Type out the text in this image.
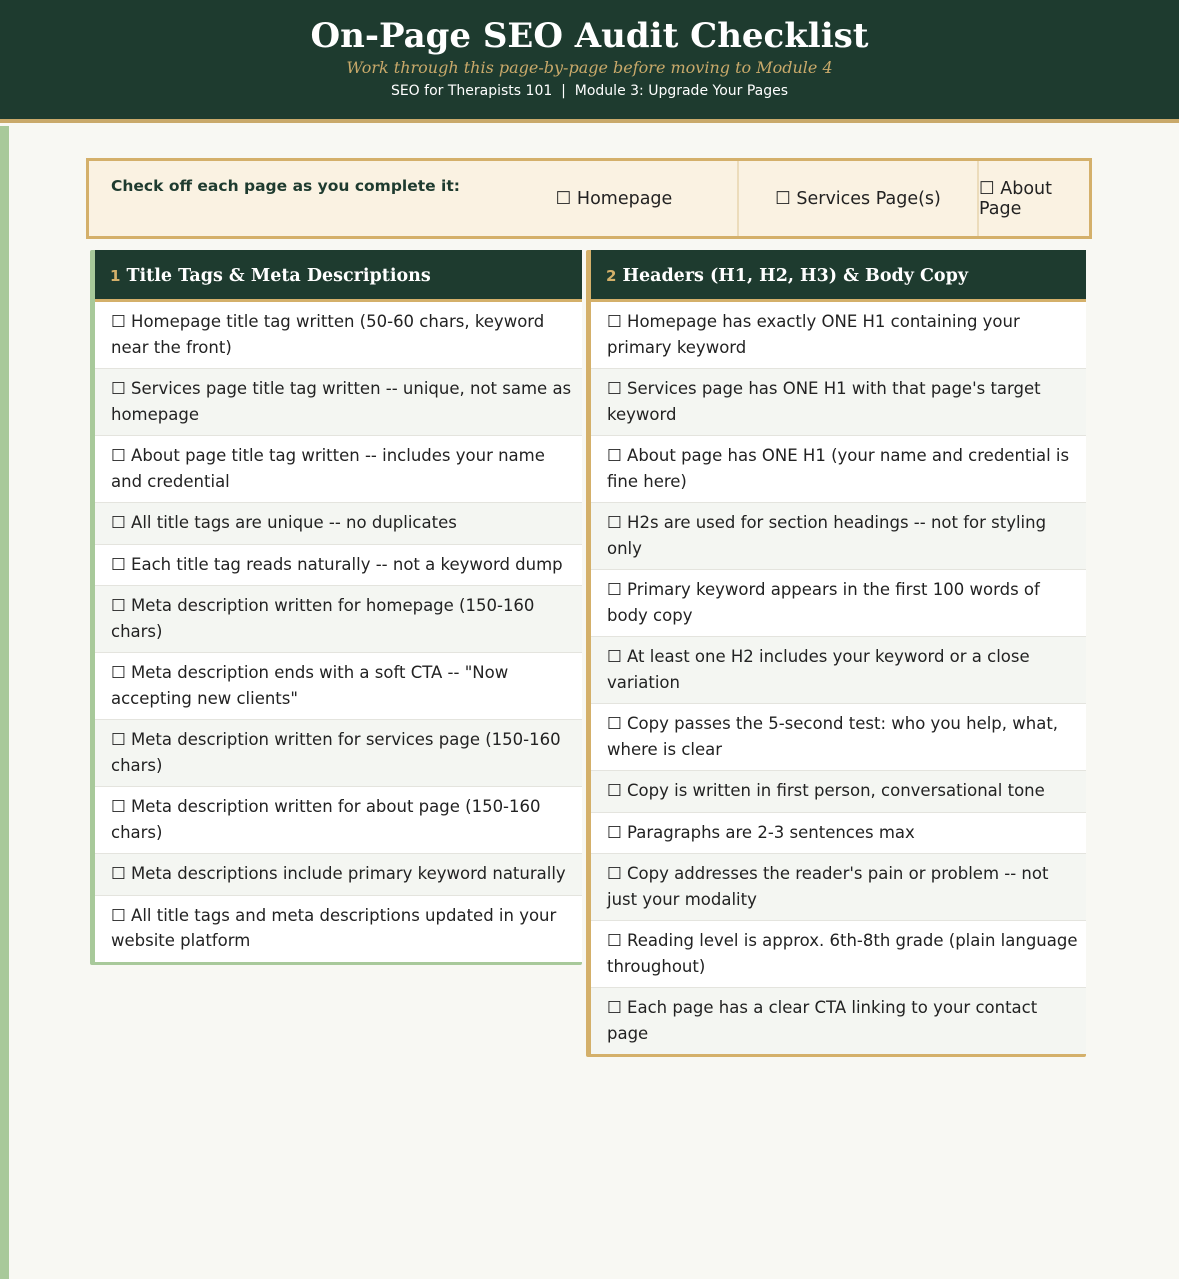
On-Page SEO Audit Checklist
Work through this page-by-page before moving to Module 4
SEO for Therapists 101  |  Module 3: Upgrade Your Pages
Check off each page as you complete it:
☐ Homepage	☐ Services Page(s)	☐ About Page
1 Title Tags & Meta Descriptions
☐ Homepage title tag written (50-60 chars, keyword near the front)
☐ Services page title tag written -- unique, not same as homepage
☐ About page title tag written -- includes your name and credential
☐ All title tags are unique -- no duplicates
☐ Each title tag reads naturally -- not a keyword dump
☐ Meta description written for homepage (150-160 chars)
☐ Meta description ends with a soft CTA -- "Now accepting new clients"
☐ Meta description written for services page (150-160 chars)
☐ Meta description written for about page (150-160 chars)
☐ Meta descriptions include primary keyword naturally
☐ All title tags and meta descriptions updated in your website platform
2 Headers (H1, H2, H3) & Body Copy
☐ Homepage has exactly ONE H1 containing your primary keyword
☐ Services page has ONE H1 with that page's target keyword
☐ About page has ONE H1 (your name and credential is fine here)
☐ H2s are used for section headings -- not for styling only
☐ Primary keyword appears in the first 100 words of body copy
☐ At least one H2 includes your keyword or a close variation
☐ Copy passes the 5-second test: who you help, what, where is clear
☐ Copy is written in first person, conversational tone
☐ Paragraphs are 2-3 sentences max
☐ Copy addresses the reader's pain or problem -- not just your modality
☐ Reading level is approx. 6th-8th grade (plain language throughout)
☐ Each page has a clear CTA linking to your contact page
